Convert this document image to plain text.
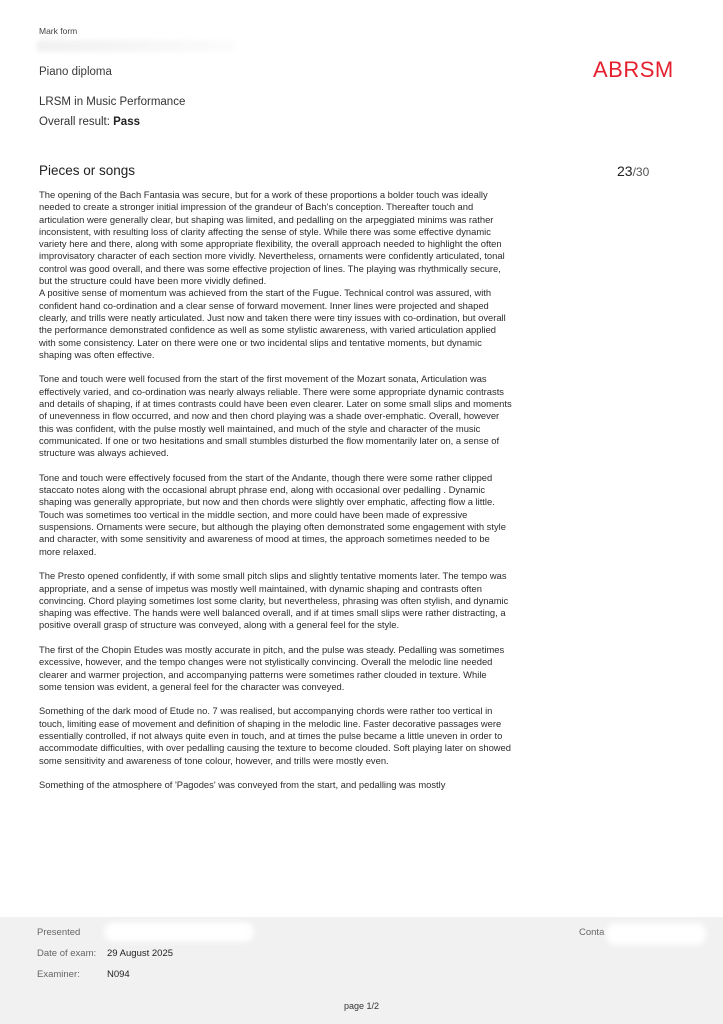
Mark form
Piano diploma	ABRSM
LRSM in Music Performance
Overall result: Pass
Pieces or songs	23/30

The opening of the Bach Fantasia was secure, but for a work of these proportions a bolder touch was ideally needed to create a stronger initial impression of the grandeur of Bach's conception. Thereafter touch and articulation were generally clear, but shaping was limited, and pedalling on the arpeggiated minims was rather inconsistent, with resulting loss of clarity affecting the sense of style. While there was some effective dynamic variety here and there, along with some appropriate flexibility, the overall approach needed to highlight the often improvisatory character of each section more vividly. Nevertheless, ornaments were confidently articulated, tonal control was good overall, and there was some effective projection of lines. The playing was rhythmically secure, but the structure could have been more vividly defined.

A positive sense of momentum was achieved from the start of the Fugue. Technical control was assured, with confident hand co-ordination and a clear sense of forward movement. Inner lines were projected and shaped clearly, and trills were neatly articulated. Just now and taken there were tiny issues with co-ordination, but overall the performance demonstrated confidence as well as some stylistic awareness, with varied articulation applied with some consistency. Later on there were one or two incidental slips and tentative moments, but dynamic shaping was often effective.

Tone and touch were well focused from the start of the first movement of the Mozart sonata, Articulation was effectively varied, and co-ordination was nearly always reliable. There were some appropriate dynamic contrasts and details of shaping, if at times contrasts could have been even clearer. Later on some small slips and moments of unevenness in flow occurred, and now and then chord playing was a shade over-emphatic. Overall, however this was confident, with the pulse mostly well maintained, and much of the style and character of the music communicated. If one or two hesitations and small stumbles disturbed the flow momentarily later on, a sense of structure was always achieved.

Tone and touch were effectively focused from the start of the Andante, though there were some rather clipped staccato notes along with the occasional abrupt phrase end, along with occasional over pedalling . Dynamic shaping was generally appropriate, but now and then chords were slightly over emphatic, affecting flow a little. Touch was sometimes too vertical in the middle section, and more could have been made of expressive suspensions. Ornaments were secure, but although the playing often demonstrated some engagement with style and character, with some sensitivity and awareness of mood at times, the approach sometimes needed to be more relaxed.

The Presto opened confidently, if with some small pitch slips and slightly tentative moments later. The tempo was appropriate, and a sense of impetus was mostly well maintained, with dynamic shaping and contrasts often convincing. Chord playing sometimes lost some clarity, but nevertheless, phrasing was often stylish, and dynamic shaping was effective. The hands were well balanced overall, and if at times small slips were rather distracting, a positive overall grasp of structure was conveyed, along with a general feel for the style.

The first of the Chopin Etudes was mostly accurate in pitch, and the pulse was steady. Pedalling was sometimes excessive, however, and the tempo changes were not stylistically convincing. Overall the melodic line needed clearer and warmer projection, and accompanying patterns were sometimes rather clouded in texture. While some tension was evident, a general feel for the character was conveyed.

Something of the dark mood of Etude no. 7 was realised, but accompanying chords were rather too vertical in touch, limiting ease of movement and definition of shaping in the melodic line. Faster decorative passages were essentially controlled, if not always quite even in touch, and at times the pulse became a little uneven in order to accommodate difficulties, with over pedalling causing the texture to become clouded. Soft playing later on showed some sensitivity and awareness of tone colour, however, and trills were mostly even.

Something of the atmosphere of 'Pagodes' was conveyed from the start, and pedalling was mostly

Presented
Date of exam: 29 August 2025
Examiner:	N094
Conta
page 1/2
